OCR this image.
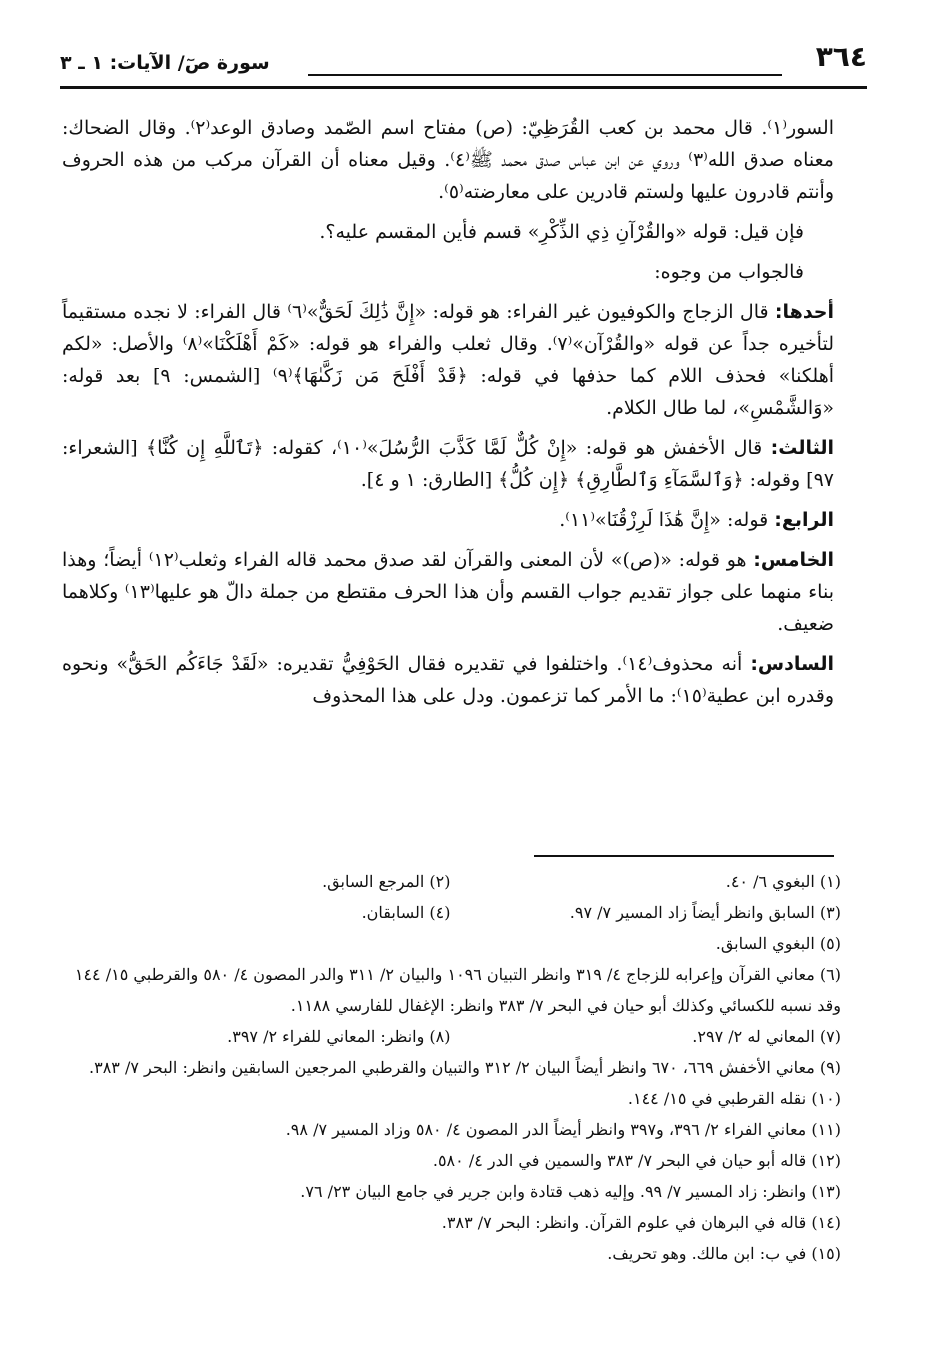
٣٦٤
سورة صٓ/ الآيات: ١ ـ ٣

السور⁽١⁾. قال محمد بن كعب القُرَظِيّ: (ص) مفتاح اسم الصّمد وصادق الوعد⁽٢⁾. وقال الضحاك: معناه صدق الله⁽٣⁾ وروي عن ابن عباس صدق محمد ﷺ⁽٤⁾. وقيل معناه أن القرآن مركب من هذه الحروف وأنتم قادرون عليها ولستم قادرين على معارضته⁽٥⁾.

فإن قيل: قوله «والقُرْآنِ ذِي الذِّكْرِ» قسم فأين المقسم عليه؟.

فالجواب من وجوه:

أحدها: قال الزجاج والكوفيون غير الفراء: هو قوله: «إِنَّ ذَٰلِكَ لَحَقٌّ»⁽٦⁾ قال الفراء: لا نجده مستقيماً لتأخيره جداً عن قوله «والقُرْآن»⁽٧⁾. وقال ثعلب والفراء هو قوله: «كَمْ أَهْلَكْنَا»⁽٨⁾ والأصل: «لكم أهلكنا» فحذف اللام كما حذفها في قوله: ﴿قَدْ أَفْلَحَ مَن زَكَّىٰهَا﴾⁽٩⁾ [الشمس: ٩] بعد قوله: «وَالشَّمْسِ»، لما طال الكلام.

الثالث: قال الأخفش هو قوله: «إِنْ كُلٌّ لَمَّا كَذَّبَ الرُّسُلَ»⁽١٠⁾، كقوله: ﴿تَٱللَّهِ إِن كُنَّا﴾ [الشعراء: ٩٧] وقوله: ﴿وَٱلسَّمَآءِ وَٱلطَّارِقِ﴾ ﴿إِن كُلُّ﴾ [الطارق: ١ و ٤].

الرابع: قوله: «إِنَّ هَٰذَا لَرِزْقُنَا»⁽١١⁾.

الخامس: هو قوله: «(ص)» لأن المعنى والقرآن لقد صدق محمد قاله الفراء وثعلب⁽١٢⁾ أيضاً؛ وهذا بناء منهما على جواز تقديم جواب القسم وأن هذا الحرف مقتطع من جملة دالّ هو عليها⁽١٣⁾ وكلاهما ضعيف.

السادس: أنه محذوف⁽١٤⁾. واختلفوا في تقديره فقال الحَوْفِيُّ تقديره: «لَقَدْ جَاءَكُم الحَقُّ» ونحوه وقدره ابن عطية⁽١٥⁾: ما الأمر كما تزعمون. ودل على هذا المحذوف

(١) البغوي ٦/ ٤٠.
(٢) المرجع السابق.
(٣) السابق وانظر أيضاً زاد المسير ٧/ ٩٧.
(٤) السابقان.

(٥) البغوي السابق.

(٦) معاني القرآن وإعرابه للزجاج ٤/ ٣١٩ وانظر التبيان ١٠٩٦ والبيان ٢/ ٣١١ والدر المصون ٤/ ٥٨٠ والقرطبي ١٥/ ١٤٤ وقد نسبه للكسائي وكذلك أبو حيان في البحر ٧/ ٣٨٣ وانظر: الإغفال للفارسي ١١٨٨.

(٧) المعاني له ٢/ ٢٩٧.
(٨) وانظر: المعاني للفراء ٢/ ٣٩٧.

(٩) معاني الأخفش ٦٦٩، ٦٧٠ وانظر أيضاً البيان ٢/ ٣١٢ والتبيان والقرطبي المرجعين السابقين وانظر: البحر ٧/ ٣٨٣.

(١٠) نقله القرطبي في ١٥/ ١٤٤.

(١١) معاني الفراء ٢/ ٣٩٦، و٣٩٧ وانظر أيضاً الدر المصون ٤/ ٥٨٠ وزاد المسير ٧/ ٩٨.

(١٢) قاله أبو حيان في البحر ٧/ ٣٨٣ والسمين في الدر ٤/ ٥٨٠.

(١٣) وانظر: زاد المسير ٧/ ٩٩. وإليه ذهب قتادة وابن جرير في جامع البيان ٢٣/ ٧٦.

(١٤) قاله في البرهان في علوم القرآن. وانظر: البحر ٧/ ٣٨٣.

(١٥) في ب: ابن مالك. وهو تحريف.
